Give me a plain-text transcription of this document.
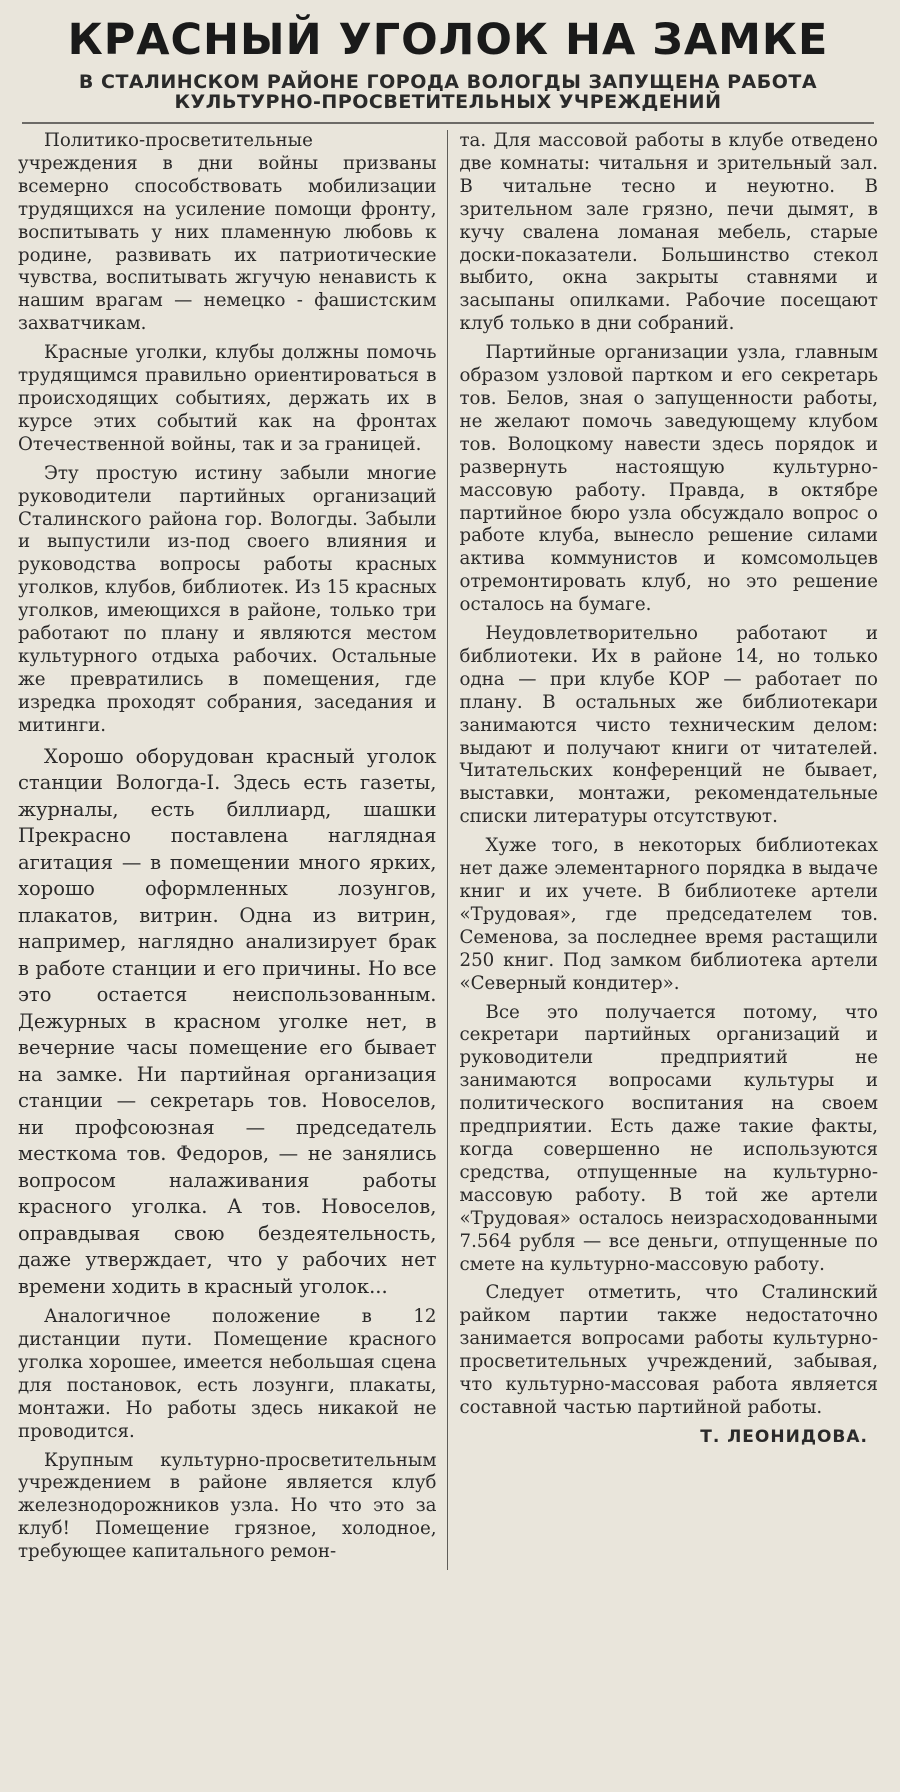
КРАСНЫЙ УГОЛОК НА ЗАМКЕ
В СТАЛИНСКОМ РАЙОНЕ ГОРОДА ВОЛОГДЫ ЗАПУЩЕНА РАБОТА КУЛЬТУРНО-ПРОСВЕТИТЕЛЬНЫХ УЧРЕЖДЕНИЙ

Политико-просветительные учреждения в дни войны призваны всемерно способствовать мобилизации трудящихся на усиление помощи фронту, воспитывать у них пламенную любовь к родине, развивать их патриотические чувства, воспитывать жгучую ненависть к нашим врагам — немецко - фашистским захватчикам.

Красные уголки, клубы должны помочь трудящимся правильно ориентироваться в происходящих событиях, держать их в курсе этих событий как на фронтах Отечественной войны, так и за границей.

Эту простую истину забыли многие руководители партийных организаций Сталинского района гор. Вологды. Забыли и выпустили из-под своего влияния и руководства вопросы работы красных уголков, клубов, библиотек. Из 15 красных уголков, имеющихся в районе, только три работают по плану и являются местом культурного отдыха рабочих. Остальные же превратились в помещения, где изредка проходят собрания, заседания и митинги.

Хорошо оборудован красный уголок станции Вологда-I. Здесь есть газеты, журналы, есть биллиард, шашки Прекрасно поставлена наглядная агитация — в помещении много ярких, хорошо оформленных лозунгов, плакатов, витрин. Одна из витрин, например, наглядно анализирует брак в работе станции и его причины. Но все это остается неиспользованным. Дежурных в красном уголке нет, в вечерние часы помещение его бывает на замке. Ни партийная организация станции — секретарь тов. Новоселов, ни профсоюзная — председатель месткома тов. Федоров, — не занялись вопросом налаживания работы красного уголка. А тов. Новоселов, оправдывая свою бездеятельность, даже утверждает, что у рабочих нет времени ходить в красный уголок...

Аналогичное положение в 12 дистанции пути. Помещение красного уголка хорошее, имеется небольшая сцена для постановок, есть лозунги, плакаты, монтажи. Но работы здесь никакой не проводится.

Крупным культурно-просветительным учреждением в районе является клуб железнодорожников узла. Но что это за клуб! Помещение грязное, холодное, требующее капитального ремон-

та. Для массовой работы в клубе отведено две комнаты: читальня и зрительный зал. В читальне тесно и неуютно. В зрительном зале грязно, печи дымят, в кучу свалена ломаная мебель, старые доски-показатели. Большинство стекол выбито, окна закрыты ставнями и засыпаны опилками. Рабочие посещают клуб только в дни собраний.

Партийные организации узла, главным образом узловой партком и его секретарь тов. Белов, зная о запущенности работы, не желают помочь заведующему клубом тов. Волоцкому навести здесь порядок и развернуть настоящую культурно-массовую работу. Правда, в октябре партийное бюро узла обсуждало вопрос о работе клуба, вынесло решение силами актива коммунистов и комсомольцев отремонтировать клуб, но это решение осталось на бумаге.

Неудовлетворительно работают и библиотеки. Их в районе 14, но только одна — при клубе КОР — работает по плану. В остальных же библиотекари занимаются чисто техническим делом: выдают и получают книги от читателей. Читательских конференций не бывает, выставки, монтажи, рекомендательные списки литературы отсутствуют.

Хуже того, в некоторых библиотеках нет даже элементарного порядка в выдаче книг и их учете. В библиотеке артели «Трудовая», где председателем тов. Семенова, за последнее время растащили 250 книг. Под замком библиотека артели «Северный кондитер».

Все это получается потому, что секретари партийных организаций и руководители предприятий не занимаются вопросами культуры и политического воспитания на своем предприятии. Есть даже такие факты, когда совершенно не используются средства, отпущенные на культурно-массовую работу. В той же артели «Трудовая» осталось неизрасходованными 7.564 рубля — все деньги, отпущенные по смете на культурно-массовую работу.

Следует отметить, что Сталинский райком партии также недостаточно занимается вопросами работы культурно-просветительных учреждений, забывая, что культурно-массовая работа является составной частью партийной работы.

Т. ЛЕОНИДОВА.
